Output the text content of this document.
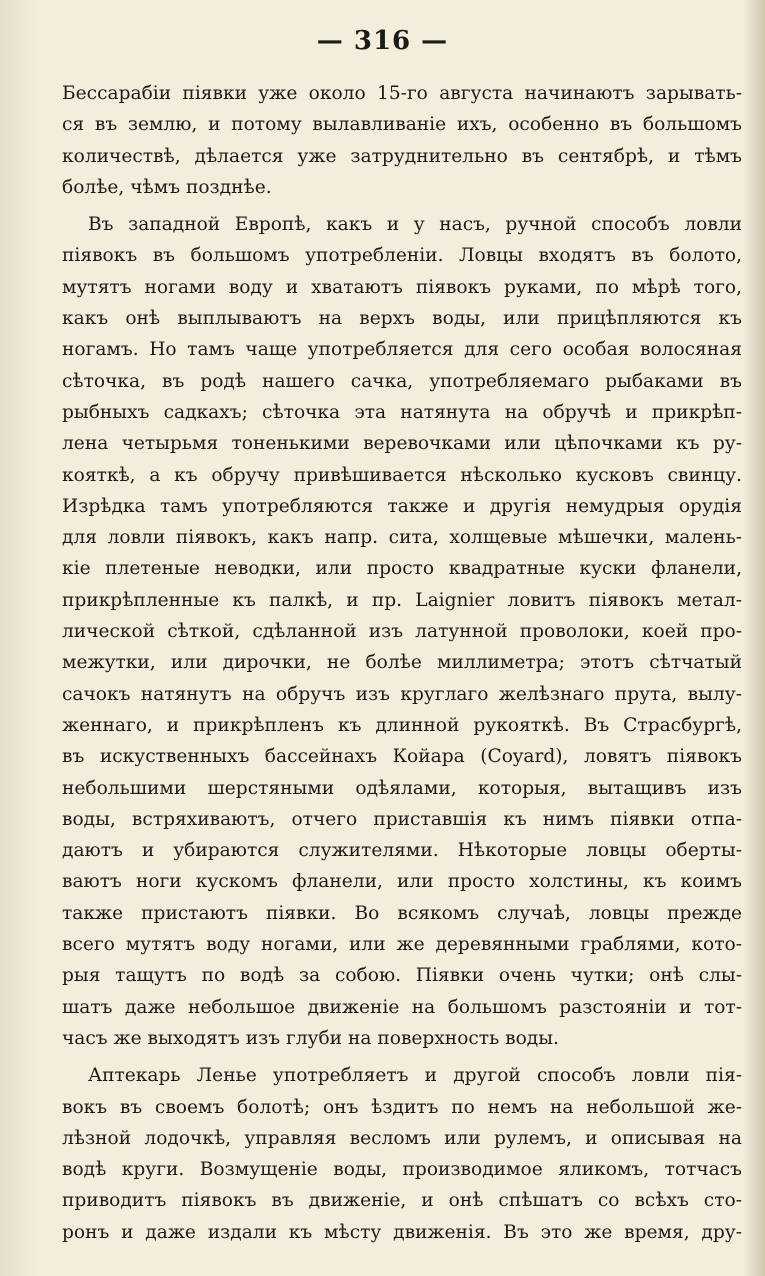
— 316 —
Бессарабіи піявки уже около 15-го августа начинаютъ зарывать-
ся въ землю, и потому вылавливаніе ихъ, особенно въ большомъ
количествѣ, дѣлается уже затруднительно въ сентябрѣ, и тѣмъ
болѣе, чѣмъ позднѣе.
Въ западной Европѣ, какъ и у насъ, ручной способъ ловли
піявокъ въ большомъ употребленіи. Ловцы входятъ въ болото,
мутятъ ногами воду и хватаютъ піявокъ руками, по мѣрѣ того,
какъ онѣ выплываютъ на верхъ воды, или прицѣпляются къ
ногамъ. Но тамъ чаще употребляется для сего особая волосяная
сѣточка, въ родѣ нашего сачка, употребляемаго рыбаками въ
рыбныхъ садкахъ; сѣточка эта натянута на обручѣ и прикрѣп-
лена четырьмя тоненькими веревочками или цѣпочками къ ру-
кояткѣ, а къ обручу привѣшивается нѣсколько кусковъ свинцу.
Изрѣдка тамъ употребляются также и другія немудрыя орудія
для ловли піявокъ, какъ напр. сита, холщевые мѣшечки, малень-
кіе плетеные неводки, или просто квадратные куски фланели,
прикрѣпленные къ палкѣ, и пр. Laignier ловитъ піявокъ метал-
лической сѣткой, сдѣланной изъ латунной проволоки, коей про-
межутки, или дирочки, не болѣе миллиметра; этотъ сѣтчатый
сачокъ натянутъ на обручъ изъ круглаго желѣзнаго прута, вылу-
женнаго, и прикрѣпленъ къ длинной рукояткѣ. Въ Страсбургѣ,
въ искуственныхъ бассейнахъ Койара (Coyard), ловятъ піявокъ
небольшими шерстяными одѣялами, которыя, вытащивъ изъ
воды, встряхиваютъ, отчего приставшія къ нимъ піявки отпа-
даютъ и убираются служителями. Нѣкоторые ловцы оберты-
ваютъ ноги кускомъ фланели, или просто холстины, къ коимъ
также пристаютъ піявки. Во всякомъ случаѣ, ловцы прежде
всего мутятъ воду ногами, или же деревянными граблями, кото-
рыя тащутъ по водѣ за собою. Піявки очень чутки; онѣ слы-
шатъ даже небольшое движеніе на большомъ разстояніи и тот-
часъ же выходятъ изъ глуби на поверхность воды.
Аптекарь Ленье употребляетъ и другой способъ ловли пія-
вокъ въ своемъ болотѣ; онъ ѣздитъ по немъ на небольшой же-
лѣзной лодочкѣ, управляя весломъ или рулемъ, и описывая на
водѣ круги. Возмущеніе воды, производимое яликомъ, тотчасъ
приводитъ піявокъ въ движеніе, и онѣ спѣшатъ со всѣхъ сто-
ронъ и даже издали къ мѣсту движенія. Въ это же время, дру-
